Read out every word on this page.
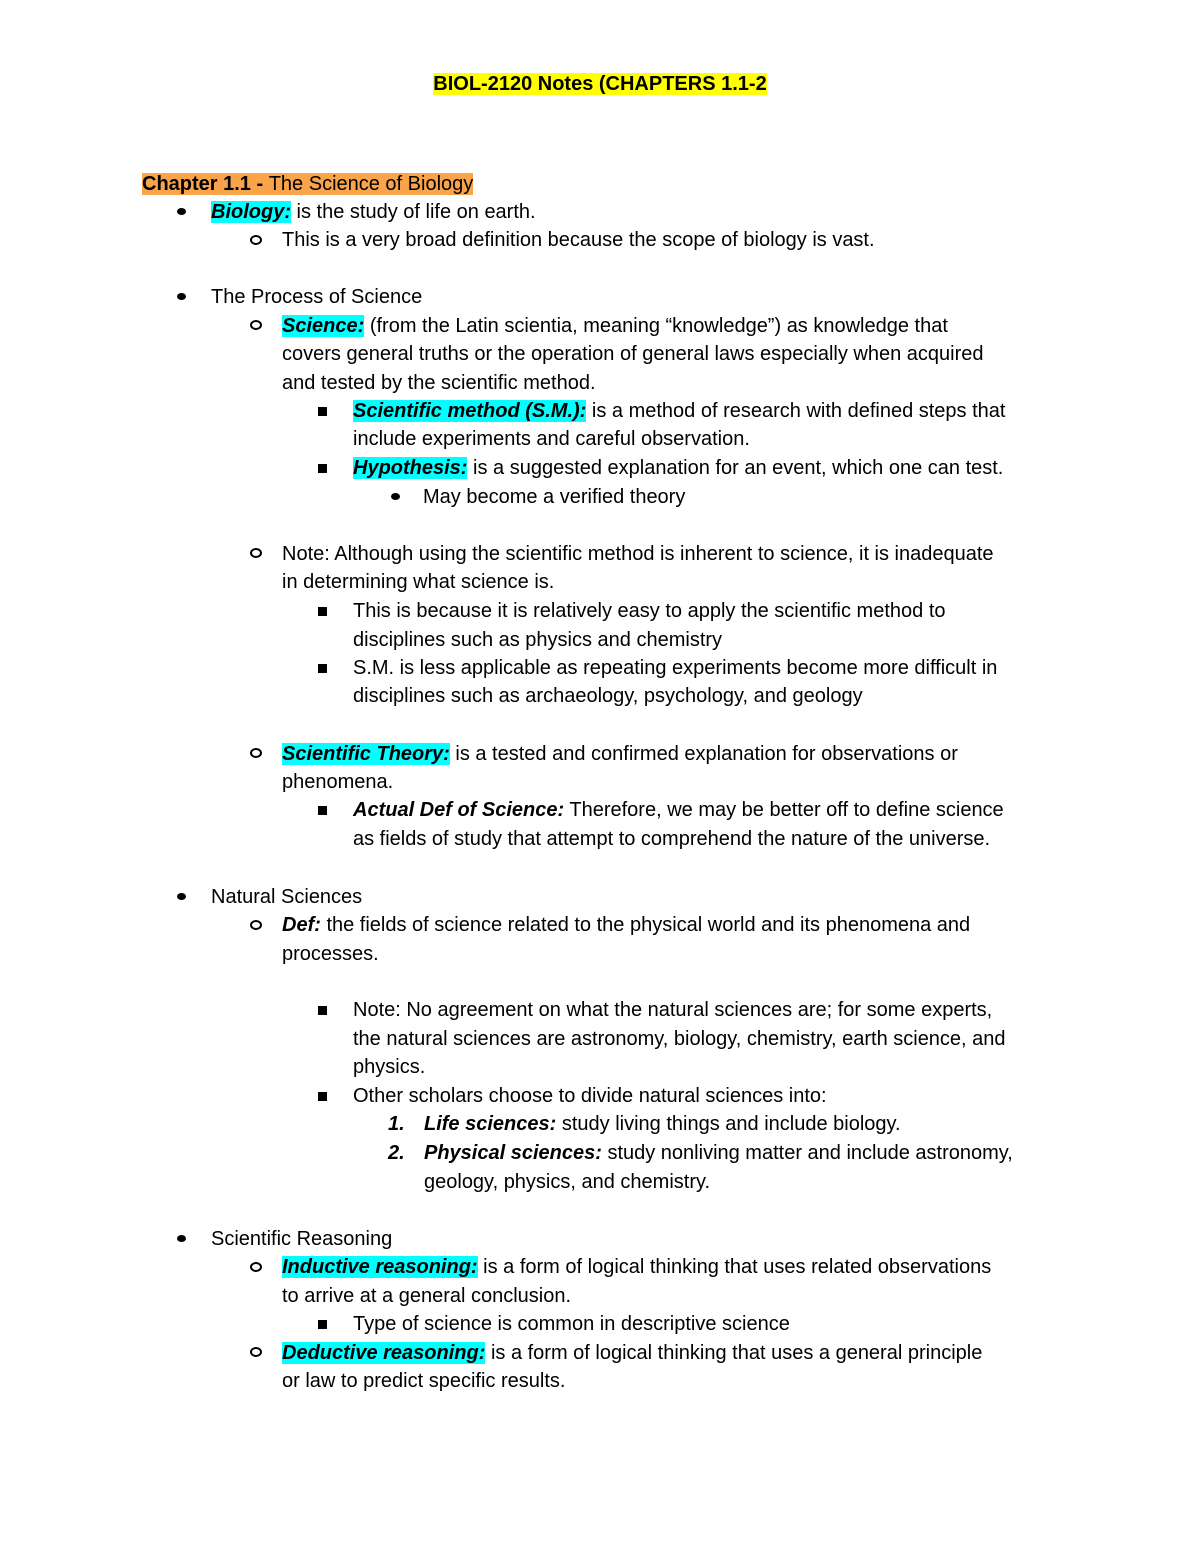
BIOL-2120 Notes (CHAPTERS 1.1-2
Chapter 1.1 - The Science of Biology
Biology: is the study of life on earth.
This is a very broad definition because the scope of biology is vast.
The Process of Science
Science: (from the Latin scientia, meaning “knowledge”) as knowledge that
covers general truths or the operation of general laws especially when acquired
and tested by the scientific method.
Scientific method (S.M.): is a method of research with defined steps that
include experiments and careful observation.
Hypothesis: is a suggested explanation for an event, which one can test.
May become a verified theory
Note: Although using the scientific method is inherent to science, it is inadequate
in determining what science is.
This is because it is relatively easy to apply the scientific method to
disciplines such as physics and chemistry
S.M. is less applicable as repeating experiments become more difficult in
disciplines such as archaeology, psychology, and geology
Scientific Theory: is a tested and confirmed explanation for observations or
phenomena.
Actual Def of Science: Therefore, we may be better off to define science
as fields of study that attempt to comprehend the nature of the universe.
Natural Sciences
Def: the fields of science related to the physical world and its phenomena and
processes.
Note: No agreement on what the natural sciences are; for some experts,
the natural sciences are astronomy, biology, chemistry, earth science, and
physics.
Other scholars choose to divide natural sciences into:
1. Life sciences: study living things and include biology.
2. Physical sciences: study nonliving matter and include astronomy,
geology, physics, and chemistry.
Scientific Reasoning
Inductive reasoning: is a form of logical thinking that uses related observations
to arrive at a general conclusion.
Type of science is common in descriptive science
Deductive reasoning: is a form of logical thinking that uses a general principle
or law to predict specific results.
